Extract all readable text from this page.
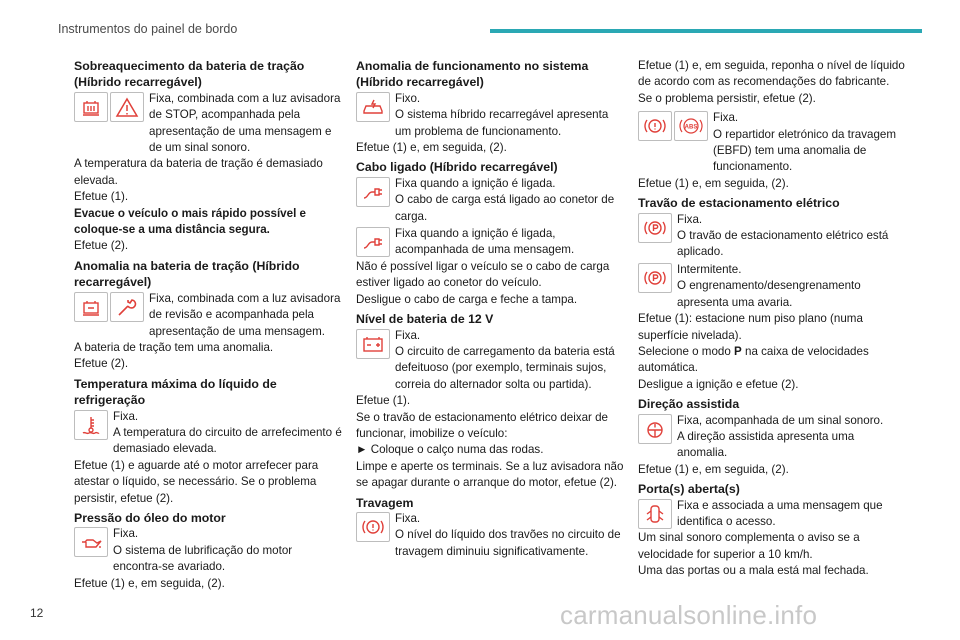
Instrumentos do painel de bordo
Sobreaquecimento da bateria de tração (Híbrido recarregável)
Fixa, combinada com a luz avisadora de STOP, acompanhada pela apresentação de uma mensagem e de um sinal sonoro.

A temperatura da bateria de tração é demasiado elevada.

Efetue (1).

Evacue o veículo o mais rápido possível e coloque-se a uma distância segura.

Efetue (2).

Anomalia na bateria de tração (Híbrido recarregável)
Fixa, combinada com a luz avisadora de revisão e acompanhada pela apresentação de uma mensagem.

A bateria de tração tem uma anomalia.

Efetue (2).

Temperatura máxima do líquido de refrigeração
Fixa.
A temperatura do circuito de arrefecimento é demasiado elevada.

Efetue (1) e aguarde até o motor arrefecer para atestar o líquido, se necessário. Se o problema persistir, efetue (2).

Pressão do óleo do motor
Fixa.
O sistema de lubrificação do motor encontra-se avariado.

Efetue (1) e, em seguida, (2).

Anomalia de funcionamento no sistema (Híbrido recarregável)
Fixo.
O sistema híbrido recarregável apresenta um problema de funcionamento.

Efetue (1) e, em seguida, (2).

Cabo ligado (Híbrido recarregável)
Fixa quando a ignição é ligada.
O cabo de carga está ligado ao conetor de carga.
Fixa quando a ignição é ligada, acompanhada de uma mensagem.

Não é possível ligar o veículo se o cabo de carga estiver ligado ao conetor do veículo.

Desligue o cabo de carga e feche a tampa.

Nível de bateria de 12 V
Fixa.
O circuito de carregamento da bateria está defeituoso (por exemplo, terminais sujos, correia do alternador solta ou partida).

Efetue (1).

Se o travão de estacionamento elétrico deixar de funcionar, imobilize o veículo:

► Coloque o calço numa das rodas.

Limpe e aperte os terminais. Se a luz avisadora não se apagar durante o arranque do motor, efetue (2).

Travagem
Fixa.
O nível do líquido dos travões no circuito de travagem diminuiu significativamente.

Efetue (1) e, em seguida, reponha o nível de líquido de acordo com as recomendações do fabricante. Se o problema persistir, efetue (2).

ABS
Fixa.
O repartidor eletrónico da travagem (EBFD) tem uma anomalia de funcionamento.

Efetue (1) e, em seguida, (2).

Travão de estacionamento elétrico
Fixa.
O travão de estacionamento elétrico está aplicado.
Intermitente.
O engrenamento/desengrenamento apresenta uma avaria.

Efetue (1): estacione num piso plano (numa superfície nivelada).

Selecione o modo P na caixa de velocidades automática.

Desligue a ignição e efetue (2).

Direção assistida
Fixa, acompanhada de um sinal sonoro.
A direção assistida apresenta uma anomalia.

Efetue (1) e, em seguida, (2).

Porta(s) aberta(s)
Fixa e associada a uma mensagem que identifica o acesso.

Um sinal sonoro complementa o aviso se a velocidade for superior a 10 km/h.

Uma das portas ou a mala está mal fechada.

12	carmanualsonline.info
